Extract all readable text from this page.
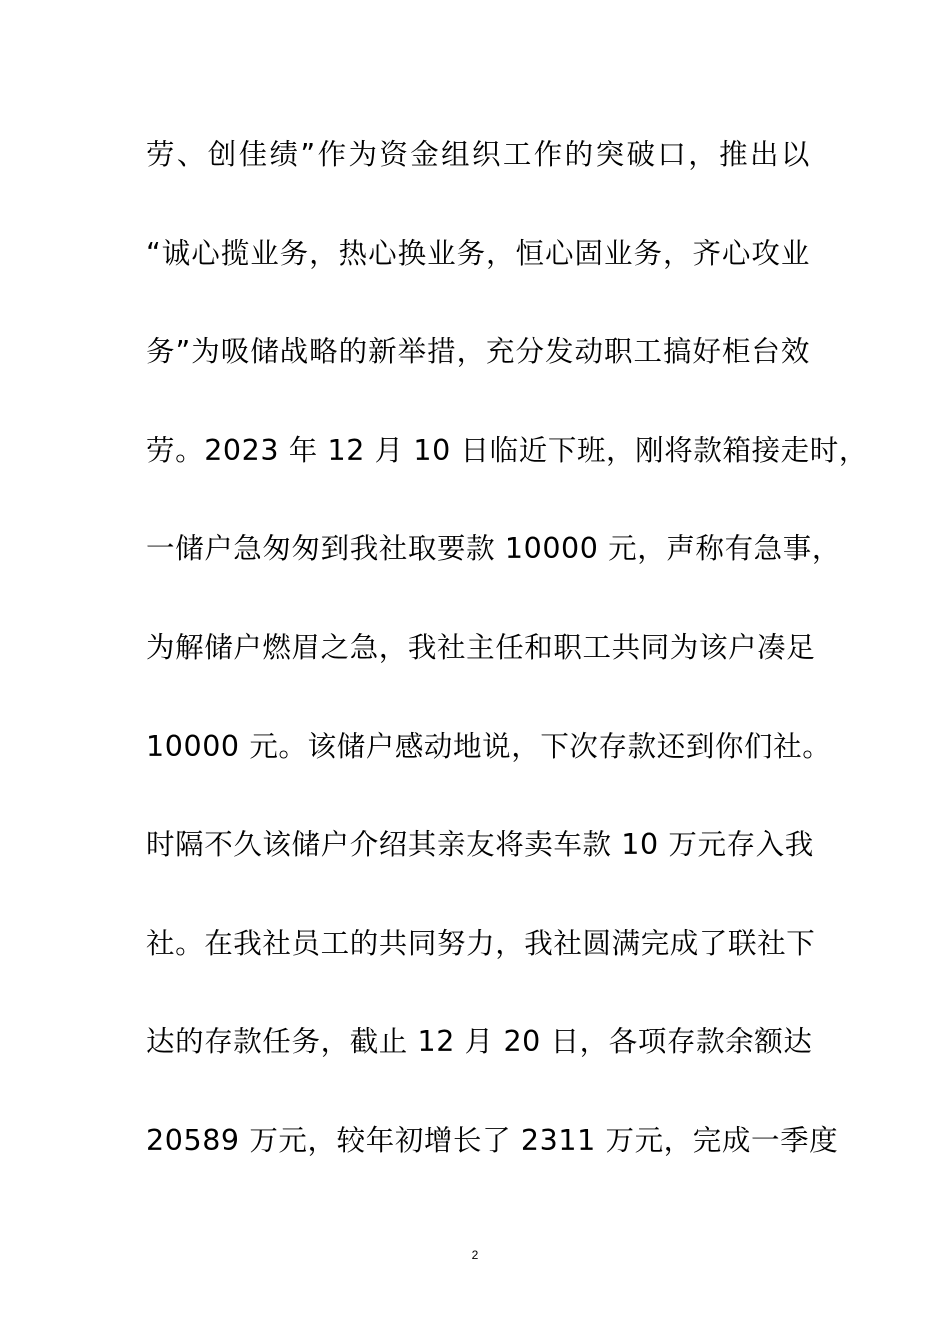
劳、创佳绩”作为资金组织工作的突破口，推出以
“诚心揽业务，热心换业务，恒心固业务，齐心攻业
务”为吸储战略的新举措，充分发动职工搞好柜台效
劳。2023 年 12 月 10 日临近下班，刚将款箱接走时，
一储户急匆匆到我社取要款 10000 元，声称有急事，
为解储户燃眉之急，我社主任和职工共同为该户凑足
10000 元。该储户感动地说，下次存款还到你们社。
时隔不久该储户介绍其亲友将卖车款 10 万元存入我
社。在我社员工的共同努力，我社圆满完成了联社下
达的存款任务，截止 12 月 20 日，各项存款余额达
20589 万元，较年初增长了 2311 万元，完成一季度
2
